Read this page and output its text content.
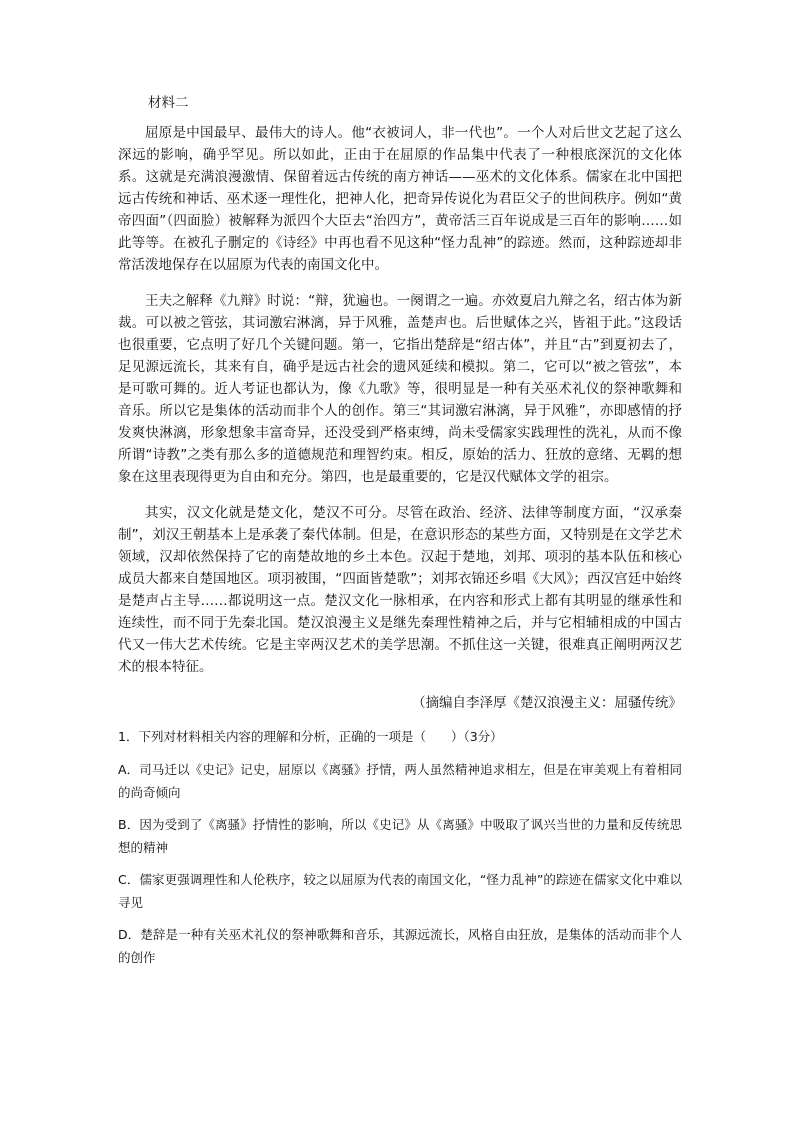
材料二

屈原是中国最早、最伟大的诗人。他“衣被词人，非一代也”。一个人对后世文艺起了这么深远的影响，确乎罕见。所以如此，正由于在屈原的作品集中代表了一种根底深沉的文化体系。这就是充满浪漫激情、保留着远古传统的南方神话——巫术的文化体系。儒家在北中国把远古传统和神话、巫术逐一理性化，把神人化，把奇异传说化为君臣父子的世间秩序。例如“黄帝四面”（四面脸）被解释为派四个大臣去“治四方”，黄帝活三百年说成是三百年的影响……如此等等。在被孔子删定的《诗经》中再也看不见这种“怪力乱神”的踪迹。然而，这种踪迹却非常活泼地保存在以屈原为代表的南国文化中。

王夫之解释《九辩》时说：“辩，犹遍也。一阕谓之一遍。亦效夏启九辩之名，绍古体为新裁。可以被之管弦，其词激宕淋漓，异于风雅，盖楚声也。后世赋体之兴，皆祖于此。”这段话也很重要，它点明了好几个关键问题。第一，它指出楚辞是“绍古体”，并且“古”到夏初去了，足见源远流长，其来有自，确乎是远古社会的遗风延续和模拟。第二，它可以“被之管弦”，本是可歌可舞的。近人考证也都认为，像《九歌》等，很明显是一种有关巫术礼仪的祭神歌舞和音乐。所以它是集体的活动而非个人的创作。第三“其词激宕淋漓，异于风雅”，亦即感情的抒发爽快淋漓，形象想象丰富奇异，还没受到严格束缚，尚未受儒家实践理性的洗礼，从而不像所谓“诗教”之类有那么多的道德规范和理智约束。相反，原始的活力、狂放的意绪、无羁的想象在这里表现得更为自由和充分。第四，也是最重要的，它是汉代赋体文学的祖宗。

其实，汉文化就是楚文化，楚汉不可分。尽管在政治、经济、法律等制度方面，“汉承秦制”，刘汉王朝基本上是承袭了秦代体制。但是，在意识形态的某些方面，又特别是在文学艺术领域，汉却依然保持了它的南楚故地的乡土本色。汉起于楚地，刘邦、项羽的基本队伍和核心成员大都来自楚国地区。项羽被围，“四面皆楚歌”；刘邦衣锦还乡唱《大风》；西汉宫廷中始终是楚声占主导……都说明这一点。楚汉文化一脉相承，在内容和形式上都有其明显的继承性和连续性，而不同于先秦北国。楚汉浪漫主义是继先秦理性精神之后，并与它相辅相成的中国古代又一伟大艺术传统。它是主宰两汉艺术的美学思潮。不抓住这一关键，很难真正阐明两汉艺术的根本特征。

（摘编自李泽厚《楚汉浪漫主义：屈骚传统》
1．下列对材料相关内容的理解和分析，正确的一项是（　　）（3分）
A．司马迁以《史记》记史，屈原以《离骚》抒情，两人虽然精神追求相左，但是在审美观上有着相同的尚奇倾向
B．因为受到了《离骚》抒情性的影响，所以《史记》从《离骚》中吸取了讽兴当世的力量和反传统思想的精神
C．儒家更强调理性和人伦秩序，较之以屈原为代表的南国文化，“怪力乱神”的踪迹在儒家文化中难以寻见
D．楚辞是一种有关巫术礼仪的祭神歌舞和音乐，其源远流长，风格自由狂放，是集体的活动而非个人的创作
